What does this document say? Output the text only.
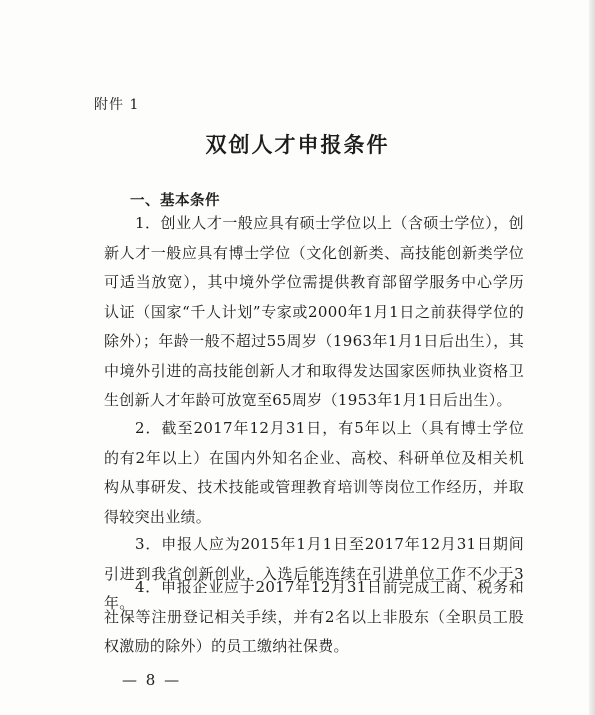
附件 1
双创人才申报条件
一、基本条件

1．创业人才一般应具有硕士学位以上（含硕士学位），创新人才一般应具有博士学位（文化创新类、高技能创新类学位可适当放宽），其中境外学位需提供教育部留学服务中心学历认证（国家“千人计划”专家或2000年1月1日之前获得学位的除外）；年龄一般不超过55周岁（1963年1月1日后出生），其中境外引进的高技能创新人才和取得发达国家医师执业资格卫生创新人才年龄可放宽至65周岁（1953年1月1日后出生）。

2．截至2017年12月31日，有5年以上（具有博士学位的有2年以上）在国内外知名企业、高校、科研单位及相关机构从事研发、技术技能或管理教育培训等岗位工作经历，并取得较突出业绩。

3．申报人应为2015年1月1日至2017年12月31日期间引进到我省创新创业，入选后能连续在引进单位工作不少于3年。

4．申报企业应于2017年12月31日前完成工商、税务和社保等注册登记相关手续，并有2名以上非股东（全职员工股权激励的除外）的员工缴纳社保费。

— 8 —
